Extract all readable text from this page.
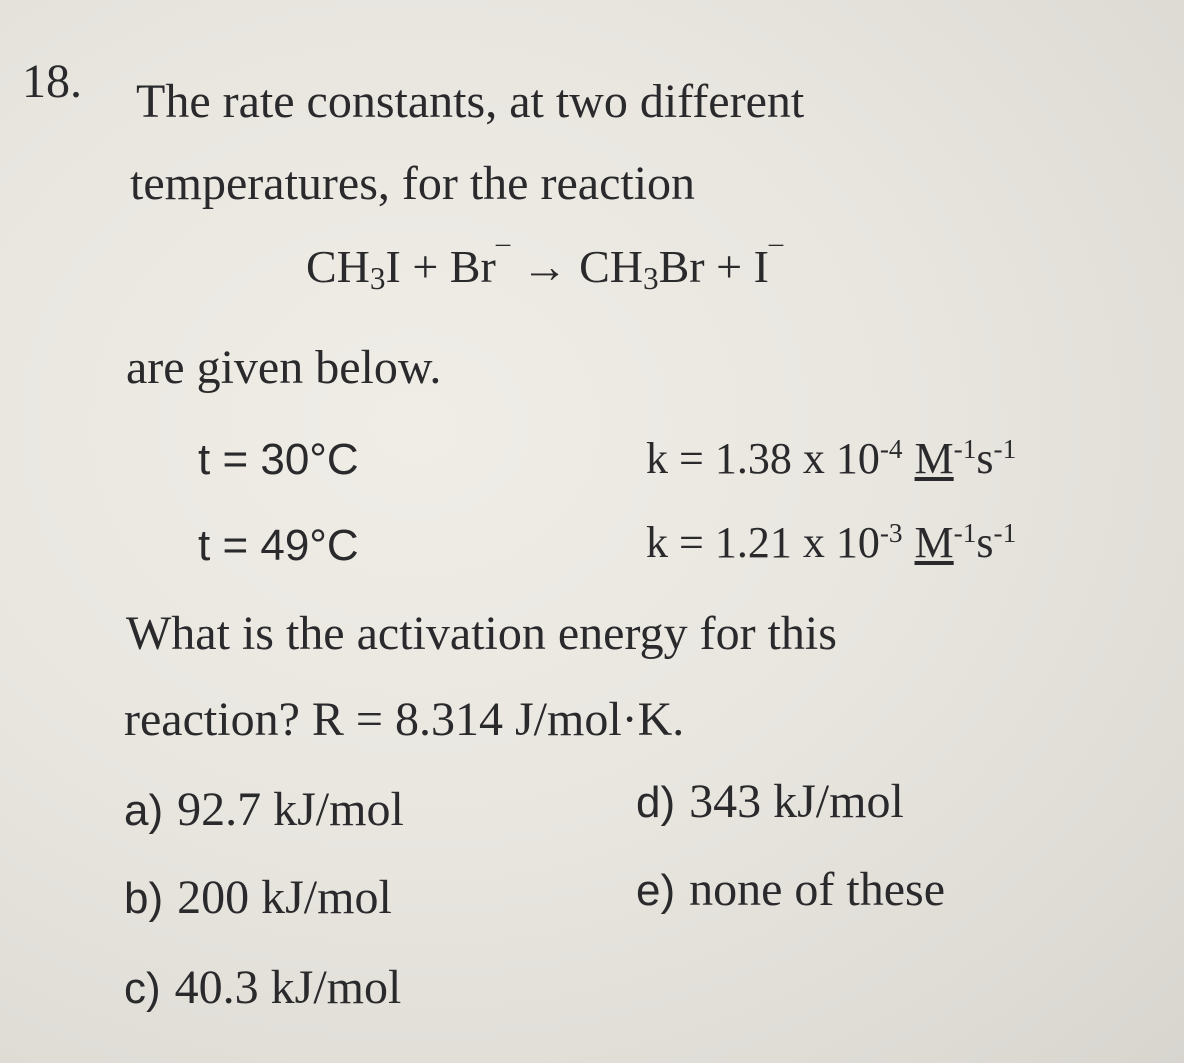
18. The rate constants, at two different
temperatures, for the reaction
$CH_3I + Br^¯ \to CH_3Br + I^¯$
are given below.
t = 30°C	k = 1.38 x $10^{-4}$ $M^{-1}s^{-1}$
t = 49°C	k = 1.21 x $10^{-3}$ $M^{-1}s^{-1}$
What is the activation energy for this
reaction? R = 8.314 J/mol·K.
a) 92.7 kJ/mol
b) 200 kJ/mol
c) 40.3 kJ/mol
d) 343 kJ/mol
e) none of these
